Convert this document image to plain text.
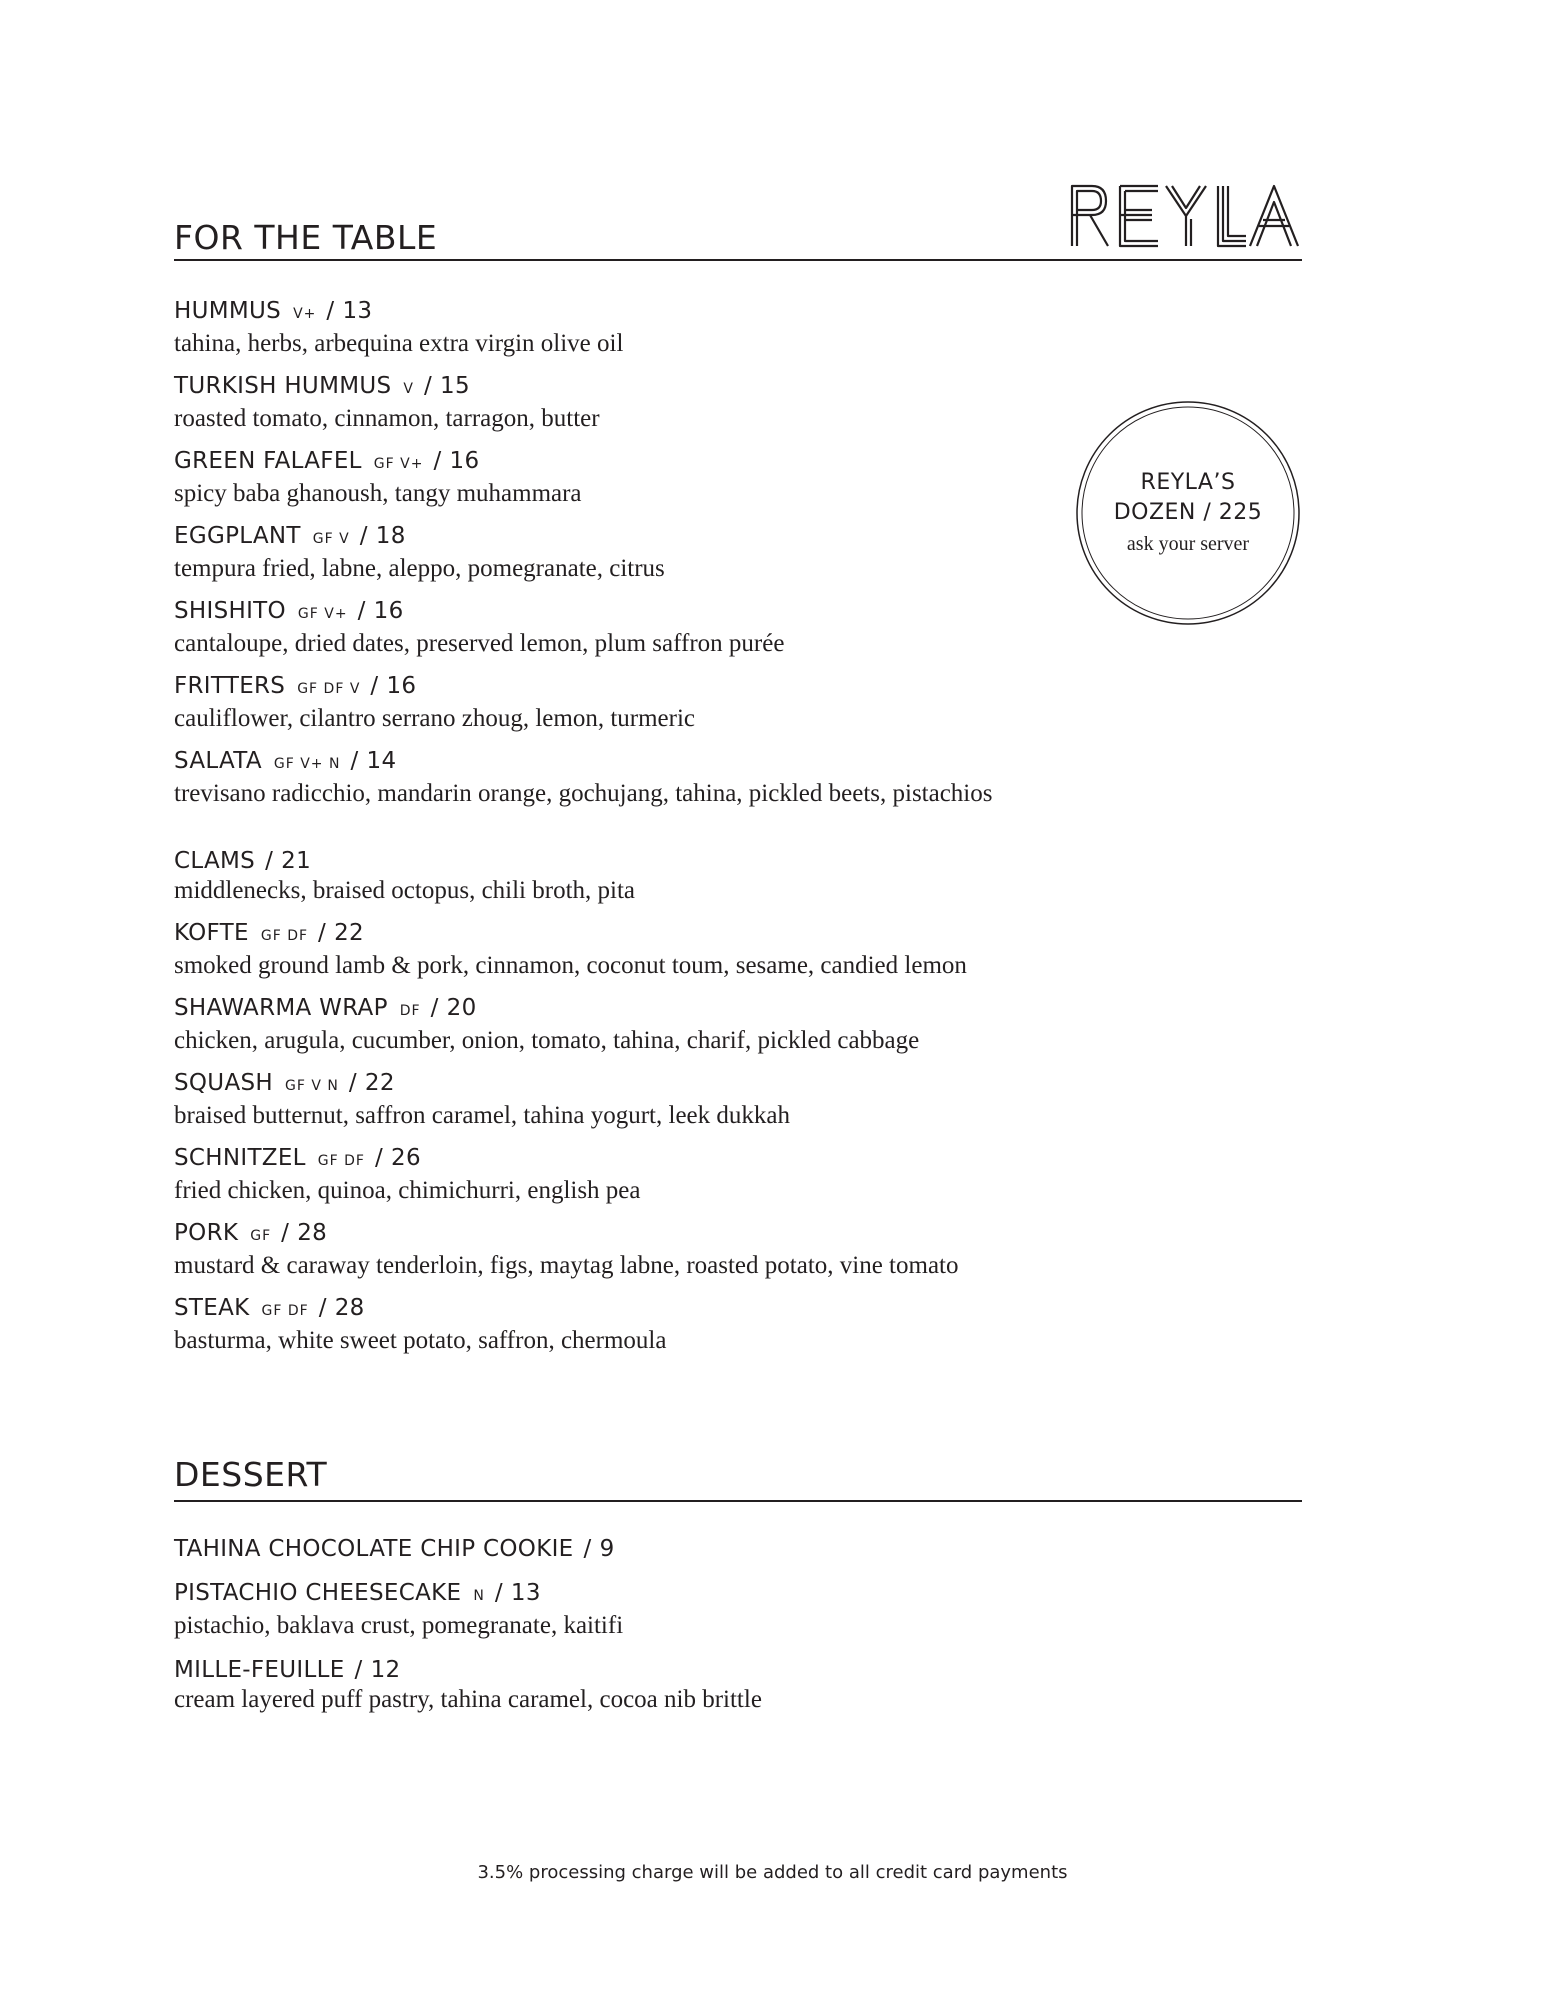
FOR THE TABLE
HUMMUS V+ / 13
tahina, herbs, arbequina extra virgin olive oil
TURKISH HUMMUS V / 15
roasted tomato, cinnamon, tarragon, butter
GREEN FALAFEL GF V+ / 16
spicy baba ghanoush, tangy muhammara
EGGPLANT GF V / 18
tempura fried, labne, aleppo, pomegranate, citrus
SHISHITO GF V+ / 16
cantaloupe, dried dates, preserved lemon, plum saffron purée
FRITTERS GF DF V / 16
cauliflower, cilantro serrano zhoug, lemon, turmeric
SALATA GF V+ N / 14
trevisano radicchio, mandarin orange, gochujang, tahina, pickled beets, pistachios
CLAMS / 21
middlenecks, braised octopus, chili broth, pita
KOFTE GF DF / 22
smoked ground lamb & pork, cinnamon, coconut toum, sesame, candied lemon
SHAWARMA WRAP DF / 20
chicken, arugula, cucumber, onion, tomato, tahina, charif, pickled cabbage
SQUASH GF V N / 22
braised butternut, saffron caramel, tahina yogurt, leek dukkah
SCHNITZEL GF DF / 26
fried chicken, quinoa, chimichurri, english pea
PORK GF / 28
mustard & caraway tenderloin, figs, maytag labne, roasted potato, vine tomato
STEAK GF DF / 28
basturma, white sweet potato, saffron, chermoula
REYLA’S
DOZEN / 225
ask your server
DESSERT
TAHINA CHOCOLATE CHIP COOKIE / 9
PISTACHIO CHEESECAKE N / 13
pistachio, baklava crust, pomegranate, kaitifi
MILLE-FEUILLE / 12
cream layered puff pastry, tahina caramel, cocoa nib brittle
3.5% processing charge will be added to all credit card payments
